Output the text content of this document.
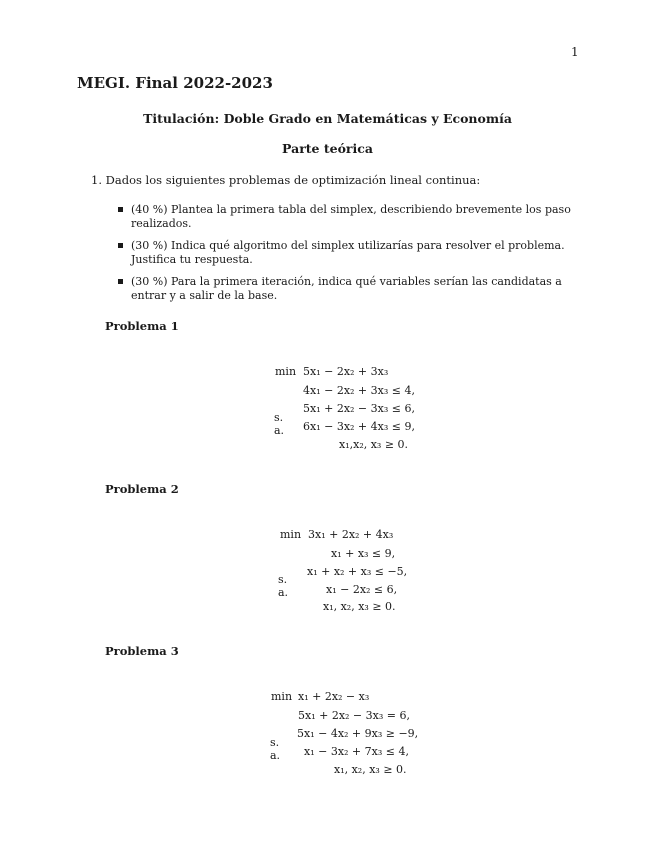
1
MEGI. Final 2022-2023
Titulación: Doble Grado en Matemáticas y Economía
Parte teórica
1. Dados los siguientes problemas de optimización lineal continua:
(40 %) Plantea la primera tabla del simplex, describiendo brevemente los paso realizados.
(30 %) Indica qué algoritmo del simplex utilizarías para resolver el problema. Justifica tu respuesta.
(30 %) Para la primera iteración, indica qué variables serían las candidatas a entrar y a salir de la base.
Problema 1
min 5x₁ − 2x₂ + 3x₃
s. a.
4x₁ − 2x₂ + 3x₃ ≤ 4,
5x₁ + 2x₂ − 3x₃ ≤ 6,
6x₁ − 3x₂ + 4x₃ ≤ 9,
x₁,x₂, x₃ ≥ 0.
Problema 2
min 3x₁ + 2x₂ + 4x₃
s. a.
x₁ + x₃ ≤ 9,
x₁ + x₂ + x₃ ≤ −5,
x₁ − 2x₂ ≤ 6,
x₁, x₂, x₃ ≥ 0.
Problema 3
min x₁ + 2x₂ − x₃
s. a.
5x₁ + 2x₂ − 3x₃ = 6,
5x₁ − 4x₂ + 9x₃ ≥ −9,
x₁ − 3x₂ + 7x₃ ≤ 4,
x₁, x₂, x₃ ≥ 0.
